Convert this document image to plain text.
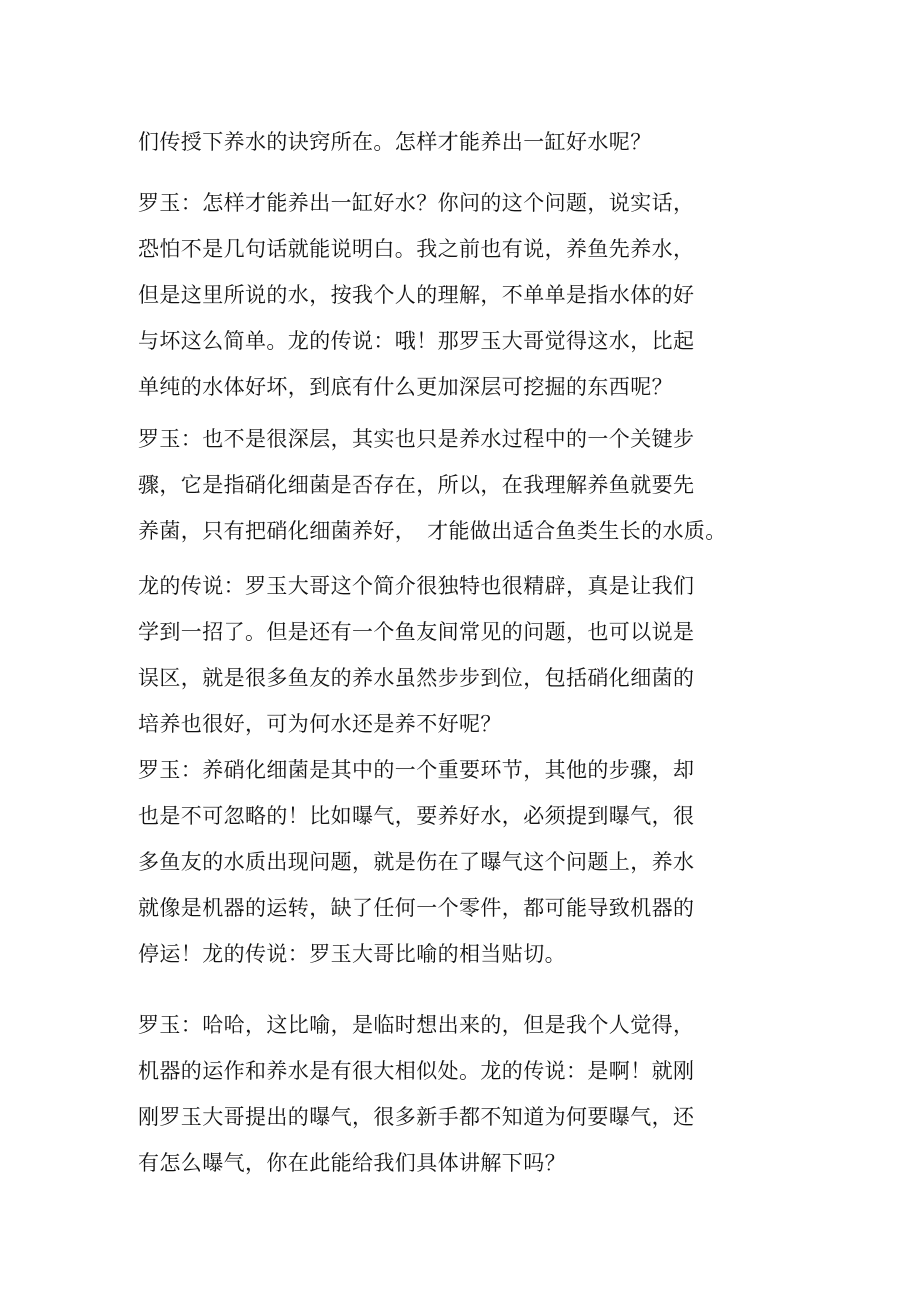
们传授下养水的诀窍所在。怎样才能养出一缸好水呢？
罗玉：怎样才能养出一缸好水？你问的这个问题，说实话，
恐怕不是几句话就能说明白。我之前也有说，养鱼先养水，
但是这里所说的水，按我个人的理解，不单单是指水体的好
与坏这么简单。龙的传说：哦！那罗玉大哥觉得这水，比起
单纯的水体好坏，到底有什么更加深层可挖掘的东西呢？
罗玉：也不是很深层，其实也只是养水过程中的一个关键步
骤，它是指硝化细菌是否存在，所以，在我理解养鱼就要先
养菌，只有把硝化细菌养好，　才能做出适合鱼类生长的水质。
龙的传说：罗玉大哥这个简介很独特也很精辟，真是让我们
学到一招了。但是还有一个鱼友间常见的问题，也可以说是
误区，就是很多鱼友的养水虽然步步到位，包括硝化细菌的
培养也很好，可为何水还是养不好呢？
罗玉：养硝化细菌是其中的一个重要环节，其他的步骤，却
也是不可忽略的！比如曝气，要养好水，必须提到曝气，很
多鱼友的水质出现问题，就是伤在了曝气这个问题上，养水
就像是机器的运转，缺了任何一个零件，都可能导致机器的
停运！龙的传说：罗玉大哥比喻的相当贴切。
罗玉：哈哈，这比喻，是临时想出来的，但是我个人觉得，
机器的运作和养水是有很大相似处。龙的传说：是啊！就刚
刚罗玉大哥提出的曝气，很多新手都不知道为何要曝气，还
有怎么曝气，你在此能给我们具体讲解下吗？
